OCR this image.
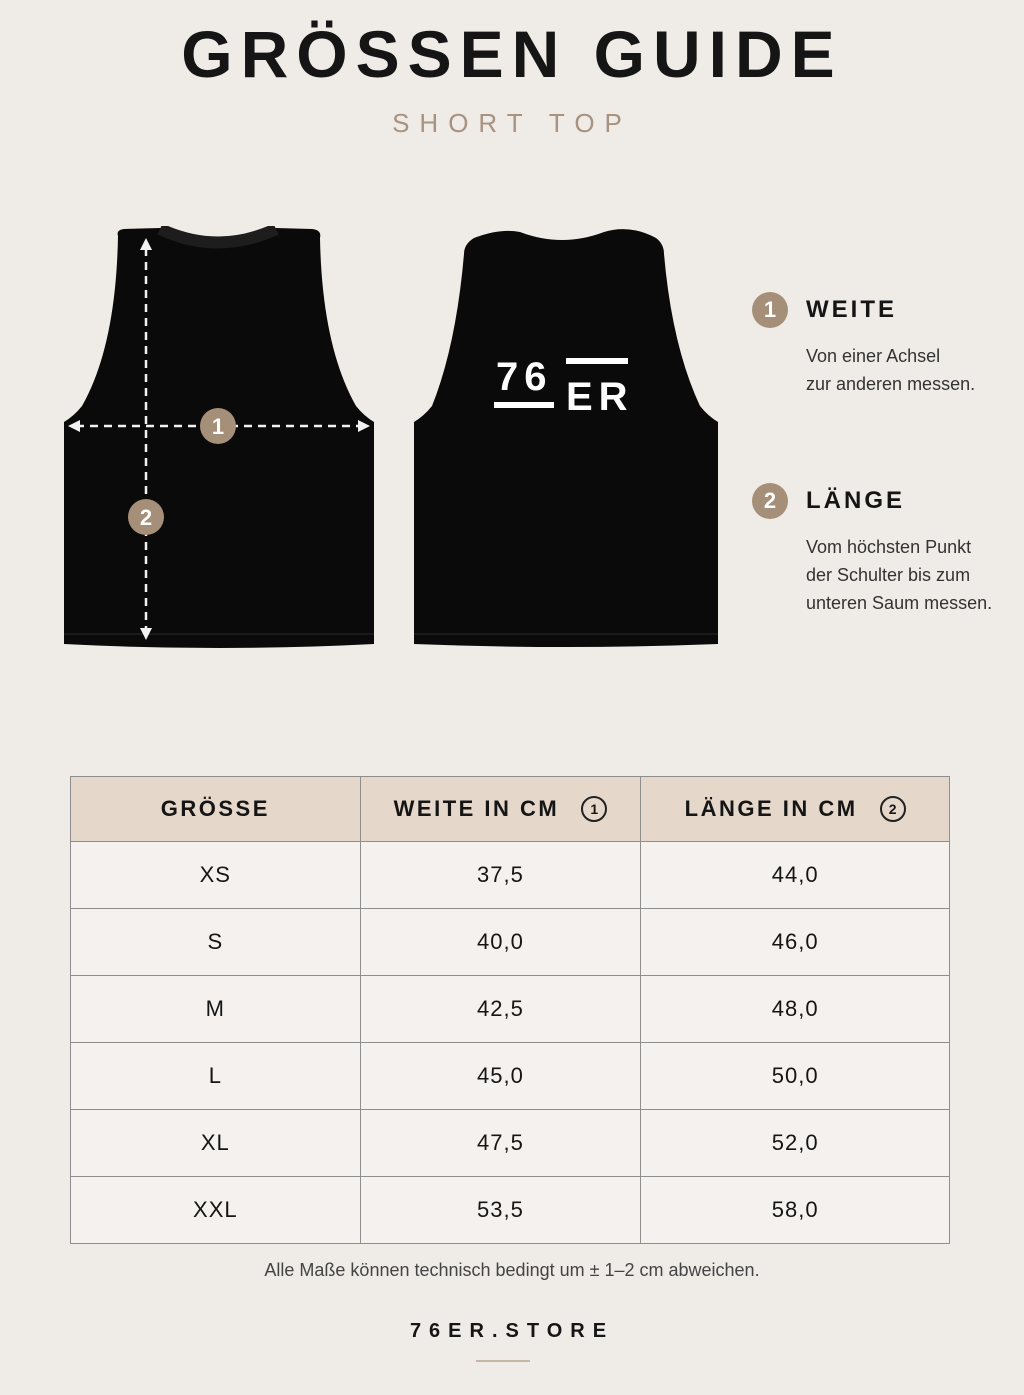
GRÖSSEN GUIDE
SHORT TOP
1
2
76 ER
1	WEITE
Von einer Achsel
zur anderen messen.
2	LÄNGE
Vom höchsten Punkt
der Schulter bis zum
unteren Saum messen.
GRÖSSE	WEITE IN CM 1	LÄNGE IN CM 2

XS	37,5	44,0
S	40,0	46,0
M	42,5	48,0
L	45,0	50,0
XL	47,5	52,0
XXL	53,5	58,0
Alle Maße können technisch bedingt um ± 1–2 cm abweichen.
76ER.STORE
